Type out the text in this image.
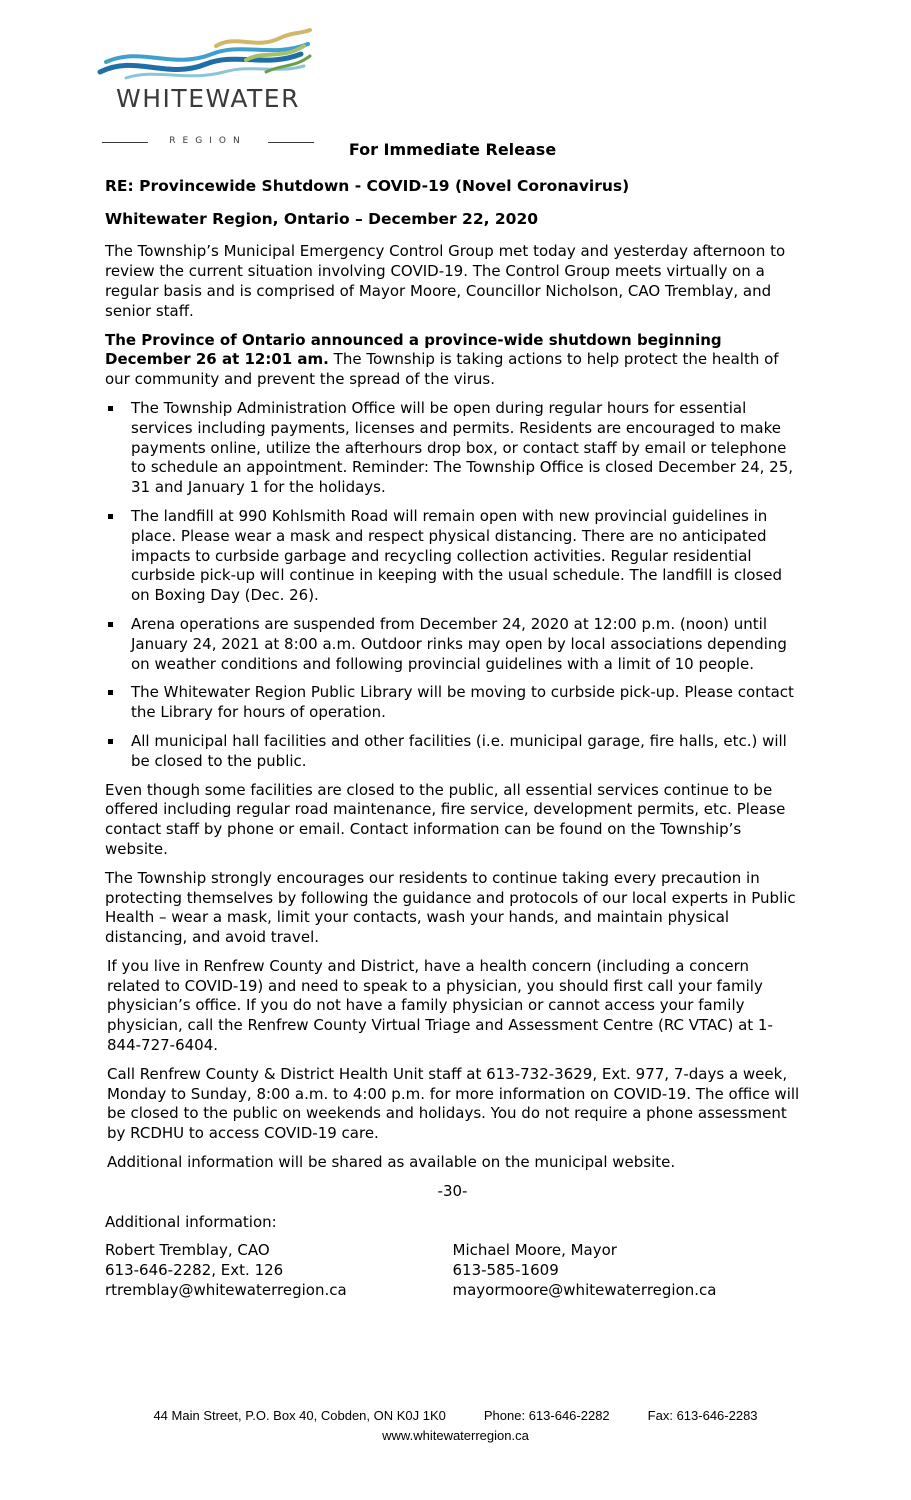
WHITEWATER
REGION	For Immediate Release
RE: Provincewide Shutdown - COVID-19 (Novel Coronavirus)
Whitewater Region, Ontario – December 22, 2020

The Township’s Municipal Emergency Control Group met today and yesterday afternoon to review the current situation involving COVID-19. The Control Group meets virtually on a regular basis and is comprised of Mayor Moore, Councillor Nicholson, CAO Tremblay, and senior staff.

The Province of Ontario announced a province-wide shutdown beginning December 26 at 12:01 am. The Township is taking actions to help protect the health of our community and prevent the spread of the virus.

The Township Administration Office will be open during regular hours for essential services including payments, licenses and permits. Residents are encouraged to make payments online, utilize the afterhours drop box, or contact staff by email or telephone to schedule an appointment. Reminder: The Township Office is closed December 24, 25, 31 and January 1 for the holidays.
The landfill at 990 Kohlsmith Road will remain open with new provincial guidelines in place. Please wear a mask and respect physical distancing. There are no anticipated impacts to curbside garbage and recycling collection activities. Regular residential curbside pick-up will continue in keeping with the usual schedule. The landfill is closed on Boxing Day (Dec. 26).
Arena operations are suspended from December 24, 2020 at 12:00 p.m. (noon) until January 24, 2021 at 8:00 a.m. Outdoor rinks may open by local associations depending on weather conditions and following provincial guidelines with a limit of 10 people.
The Whitewater Region Public Library will be moving to curbside pick-up. Please contact the Library for hours of operation.
All municipal hall facilities and other facilities (i.e. municipal garage, fire halls, etc.) will be closed to the public.

Even though some facilities are closed to the public, all essential services continue to be offered including regular road maintenance, fire service, development permits, etc. Please contact staff by phone or email. Contact information can be found on the Township’s website.

The Township strongly encourages our residents to continue taking every precaution in protecting themselves by following the guidance and protocols of our local experts in Public Health – wear a mask, limit your contacts, wash your hands, and maintain physical distancing, and avoid travel.

If you live in Renfrew County and District, have a health concern (including a concern related to COVID-19) and need to speak to a physician, you should first call your family physician’s office. If you do not have a family physician or cannot access your family physician, call the Renfrew County Virtual Triage and Assessment Centre (RC VTAC) at 1-844-727-6404.

Call Renfrew County & District Health Unit staff at 613-732-3629, Ext. 977, 7-days a week, Monday to Sunday, 8:00 a.m. to 4:00 p.m. for more information on COVID-19. The office will be closed to the public on weekends and holidays. You do not require a phone assessment by RCDHU to access COVID-19 care.

Additional information will be shared as available on the municipal website.

-30-
Additional information:
Robert Tremblay, CAO
613-646-2282, Ext. 126
rtremblay@whitewaterregion.ca
Michael Moore, Mayor
613-585-1609
mayormoore@whitewaterregion.ca
44 Main Street, P.O. Box 40, Cobden, ON K0J 1K0	Phone: 613-646-2282	Fax: 613-646-2283
www.whitewaterregion.ca
